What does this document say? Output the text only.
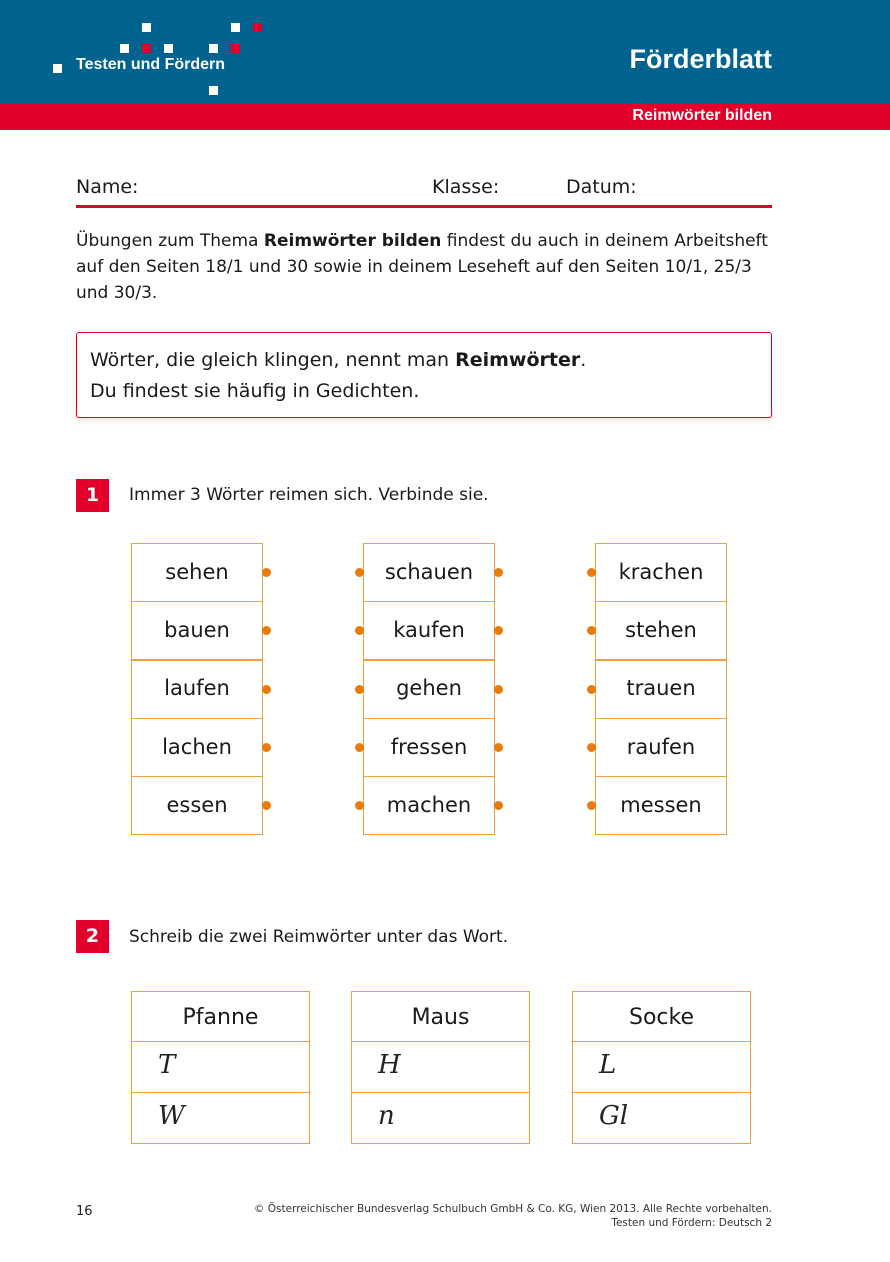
Testen und Fördern	Förderblatt
Reimwörter bilden
Name:	Klasse:	Datum:

Übungen zum Thema Reimwörter bilden findest du auch in deinem Arbeitsheft auf den Seiten 18/1 und 30 sowie in deinem Leseheft auf den Seiten 10/1, 25/3 und 30/3.

Wörter, die gleich klingen, nennt man Reimwörter.
Du findest sie häufig in Gedichten.
1	Immer 3 Wörter reimen sich. Verbinde sie.
sehen
bauen
laufen
lachen
essen
schauen
kaufen
gehen
fressen
machen
krachen
stehen
trauen
raufen
messen
2	Schreib die zwei Reimwörter unter das Wort.
Pfanne
T
W
Maus
H
n
Socke
L
Gl
16	© Österreichischer Bundesverlag Schulbuch GmbH & Co. KG, Wien 2013. Alle Rechte vorbehalten.
Testen und Fördern: Deutsch 2
